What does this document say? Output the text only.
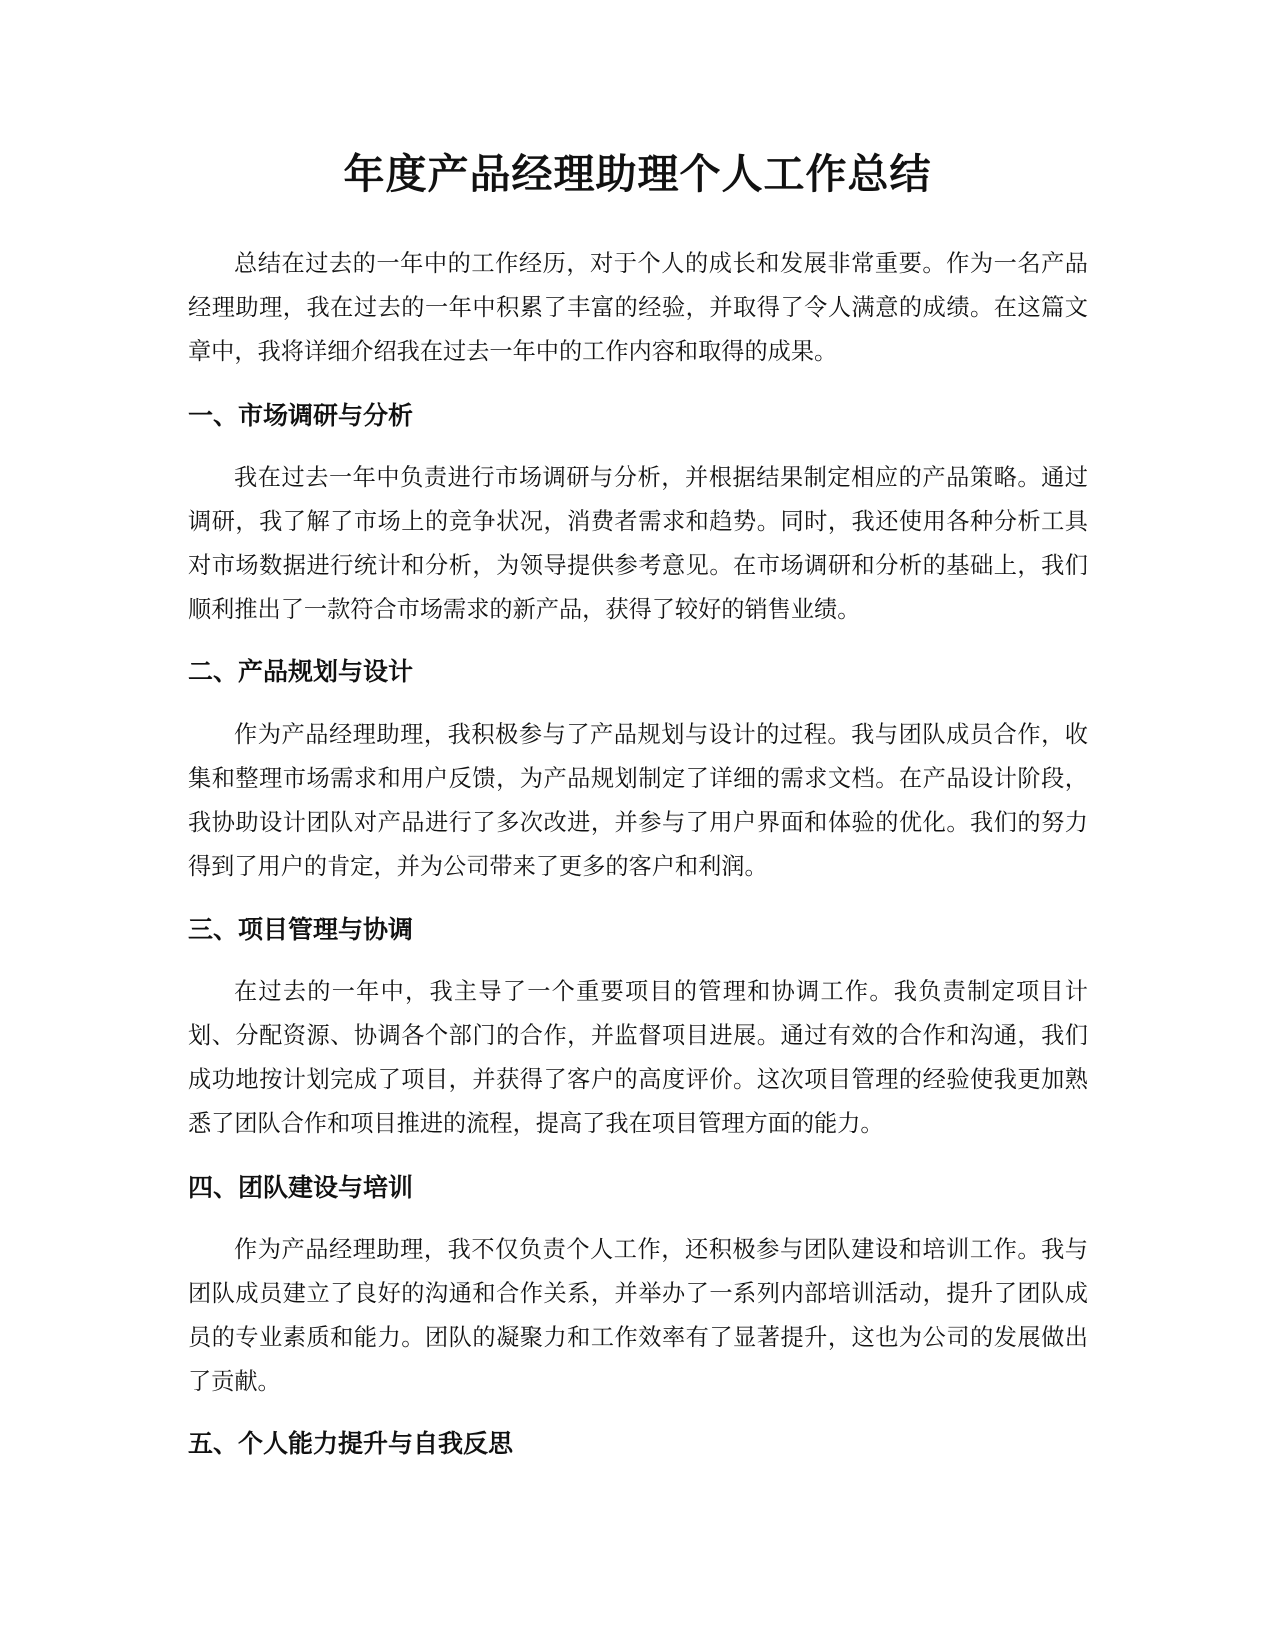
年度产品经理助理个人工作总结

总结在过去的一年中的工作经历，对于个人的成长和发展非常重要。作为一名产品经理助理，我在过去的一年中积累了丰富的经验，并取得了令人满意的成绩。在这篇文章中，我将详细介绍我在过去一年中的工作内容和取得的成果。

一、市场调研与分析

我在过去一年中负责进行市场调研与分析，并根据结果制定相应的产品策略。通过调研，我了解了市场上的竞争状况，消费者需求和趋势。同时，我还使用各种分析工具对市场数据进行统计和分析，为领导提供参考意见。在市场调研和分析的基础上，我们顺利推出了一款符合市场需求的新产品，获得了较好的销售业绩。

二、产品规划与设计

作为产品经理助理，我积极参与了产品规划与设计的过程。我与团队成员合作，收集和整理市场需求和用户反馈，为产品规划制定了详细的需求文档。在产品设计阶段，我协助设计团队对产品进行了多次改进，并参与了用户界面和体验的优化。我们的努力得到了用户的肯定，并为公司带来了更多的客户和利润。

三、项目管理与协调

在过去的一年中，我主导了一个重要项目的管理和协调工作。我负责制定项目计划、分配资源、协调各个部门的合作，并监督项目进展。通过有效的合作和沟通，我们成功地按计划完成了项目，并获得了客户的高度评价。这次项目管理的经验使我更加熟悉了团队合作和项目推进的流程，提高了我在项目管理方面的能力。

四、团队建设与培训

作为产品经理助理，我不仅负责个人工作，还积极参与团队建设和培训工作。我与团队成员建立了良好的沟通和合作关系，并举办了一系列内部培训活动，提升了团队成员的专业素质和能力。团队的凝聚力和工作效率有了显著提升，这也为公司的发展做出了贡献。

五、个人能力提升与自我反思
